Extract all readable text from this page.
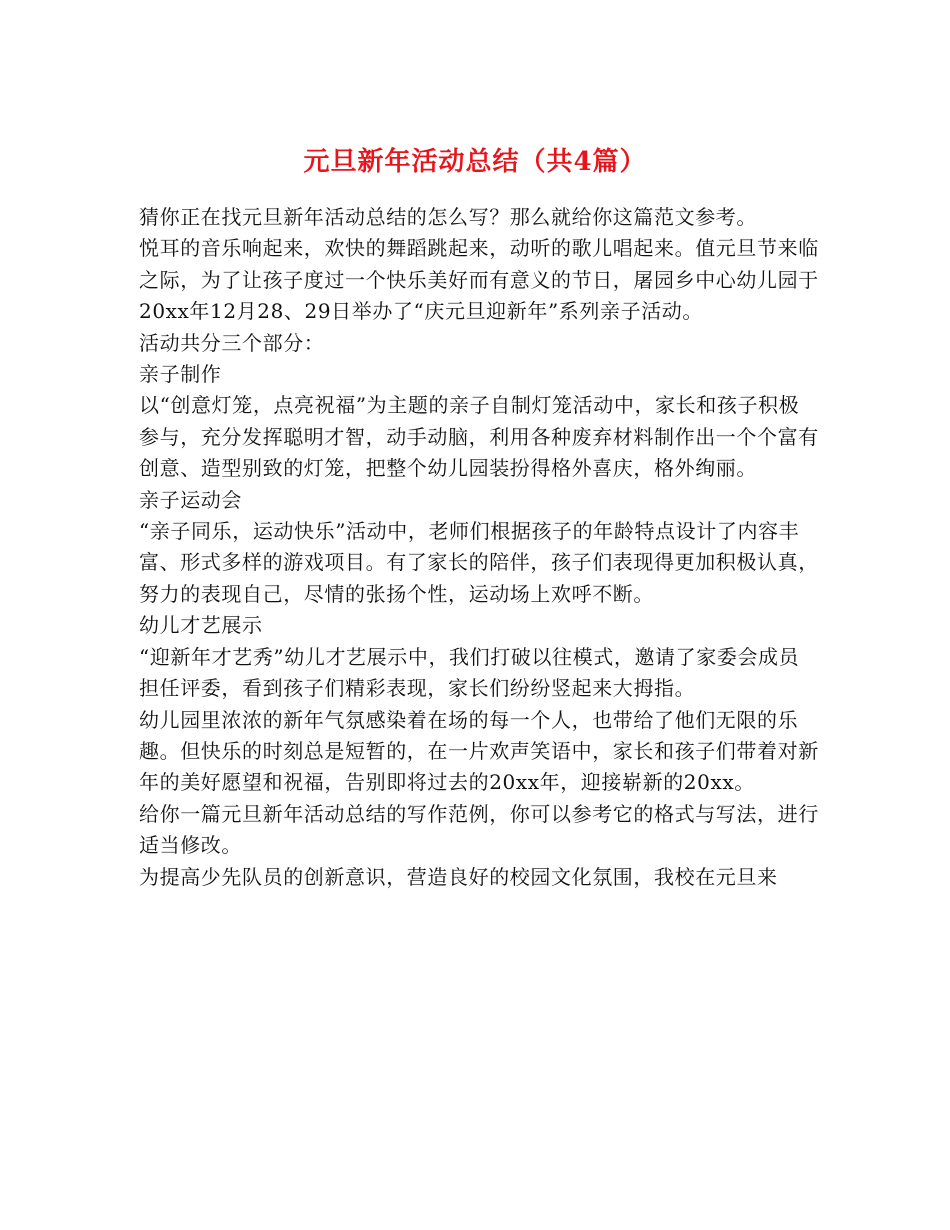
元旦新年活动总结（共4篇）

猜你正在找元旦新年活动总结的怎么写？那么就给你这篇范文参考。

悦耳的音乐响起来，欢快的舞蹈跳起来，动听的歌儿唱起来。值元旦节来临之际，为了让孩子度过一个快乐美好而有意义的节日，屠园乡中心幼儿园于20xx年12月28、29日举办了“庆元旦迎新年”系列亲子活动。

活动共分三个部分：

亲子制作

以“创意灯笼，点亮祝福”为主题的亲子自制灯笼活动中，家长和孩子积极参与，充分发挥聪明才智，动手动脑，利用各种废弃材料制作出一个个富有创意、造型别致的灯笼，把整个幼儿园装扮得格外喜庆，格外绚丽。

亲子运动会

“亲子同乐，运动快乐”活动中，老师们根据孩子的年龄特点设计了内容丰富、形式多样的游戏项目。有了家长的陪伴，孩子们表现得更加积极认真，努力的表现自己，尽情的张扬个性，运动场上欢呼不断。

幼儿才艺展示

“迎新年才艺秀”幼儿才艺展示中，我们打破以往模式，邀请了家委会成员担任评委，看到孩子们精彩表现，家长们纷纷竖起来大拇指。

幼儿园里浓浓的新年气氛感染着在场的每一个人，也带给了他们无限的乐趣。但快乐的时刻总是短暂的，在一片欢声笑语中，家长和孩子们带着对新年的美好愿望和祝福，告别即将过去的20xx年，迎接崭新的20xx。

给你一篇元旦新年活动总结的写作范例，你可以参考它的格式与写法，进行适当修改。

为提高少先队员的创新意识，营造良好的校园文化氛围，我校在元旦来
